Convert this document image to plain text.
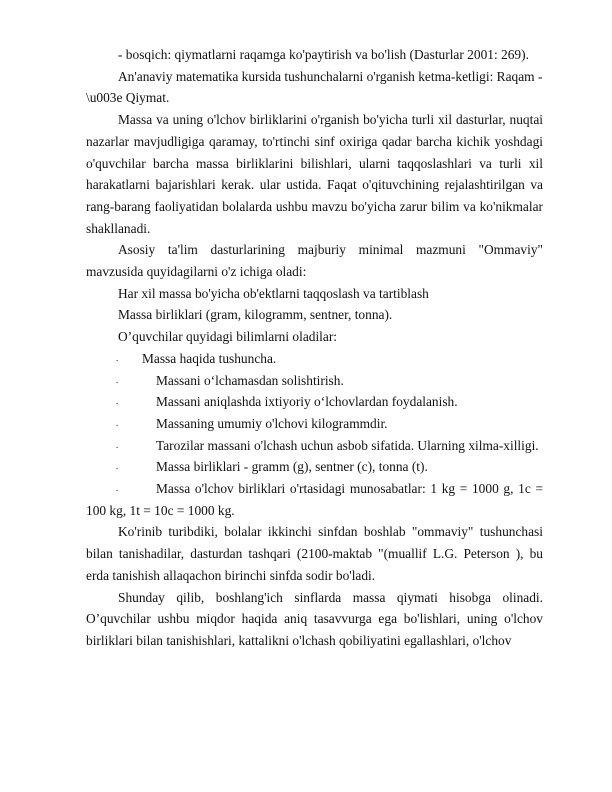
- bosqich: qiymatlarni raqamga ko'paytirish va bo'lish (Dasturlar 2001: 269).

An'anaviy matematika kursida tushunchalarni o'rganish ketma-ketligi: Raqam -\u003e Qiymat.

Massa va uning o'lchov birliklarini o'rganish bo'yicha turli xil dasturlar, nuqtai nazarlar mavjudligiga qaramay, to'rtinchi sinf oxiriga qadar barcha kichik yoshdagi o'quvchilar barcha massa birliklarini bilishlari, ularni taqqoslashlari va turli xil harakatlarni bajarishlari kerak. ular ustida. Faqat o'qituvchining rejalashtirilgan va rang-barang faoliyatidan bolalarda ushbu mavzu bo'yicha zarur bilim va ko'nikmalar shakllanadi.

Asosiy ta'lim dasturlarining majburiy minimal mazmuni "Ommaviy" mavzusida quyidagilarni o'z ichiga oladi:

Har xil massa bo'yicha ob'ektlarni taqqoslash va tartiblash

Massa birliklari (gram, kilogramm, sentner, tonna).

O’quvchilar quyidagi bilimlarni oladilar:

.	Massa haqida tushuncha.
.	Massani o‘lchamasdan solishtirish.
.	Massani aniqlashda ixtiyoriy o‘lchovlardan foydalanish.
.	Massaning umumiy o'lchovi kilogrammdir.
.	Tarozilar massani o'lchash uchun asbob sifatida. Ularning xilma-xilligi.
.	Massa birliklari - gramm (g), sentner (c), tonna (t).
.	Massa o'lchov birliklari o'rtasidagi munosabatlar: 1 kg = 1000 g, 1c = 100 kg, 1t = 10c = 1000 kg.

Ko'rinib turibdiki, bolalar ikkinchi sinfdan boshlab "ommaviy" tushunchasi bilan tanishadilar, dasturdan tashqari (2100-maktab "(muallif L.G. Peterson ), bu erda tanishish allaqachon birinchi sinfda sodir bo'ladi.

Shunday qilib, boshlang'ich sinflarda massa qiymati hisobga olinadi. O’quvchilar ushbu miqdor haqida aniq tasavvurga ega bo'lishlari, uning o'lchov birliklari bilan tanishishlari, kattalikni o'lchash qobiliyatini egallashlari, o'lchov
